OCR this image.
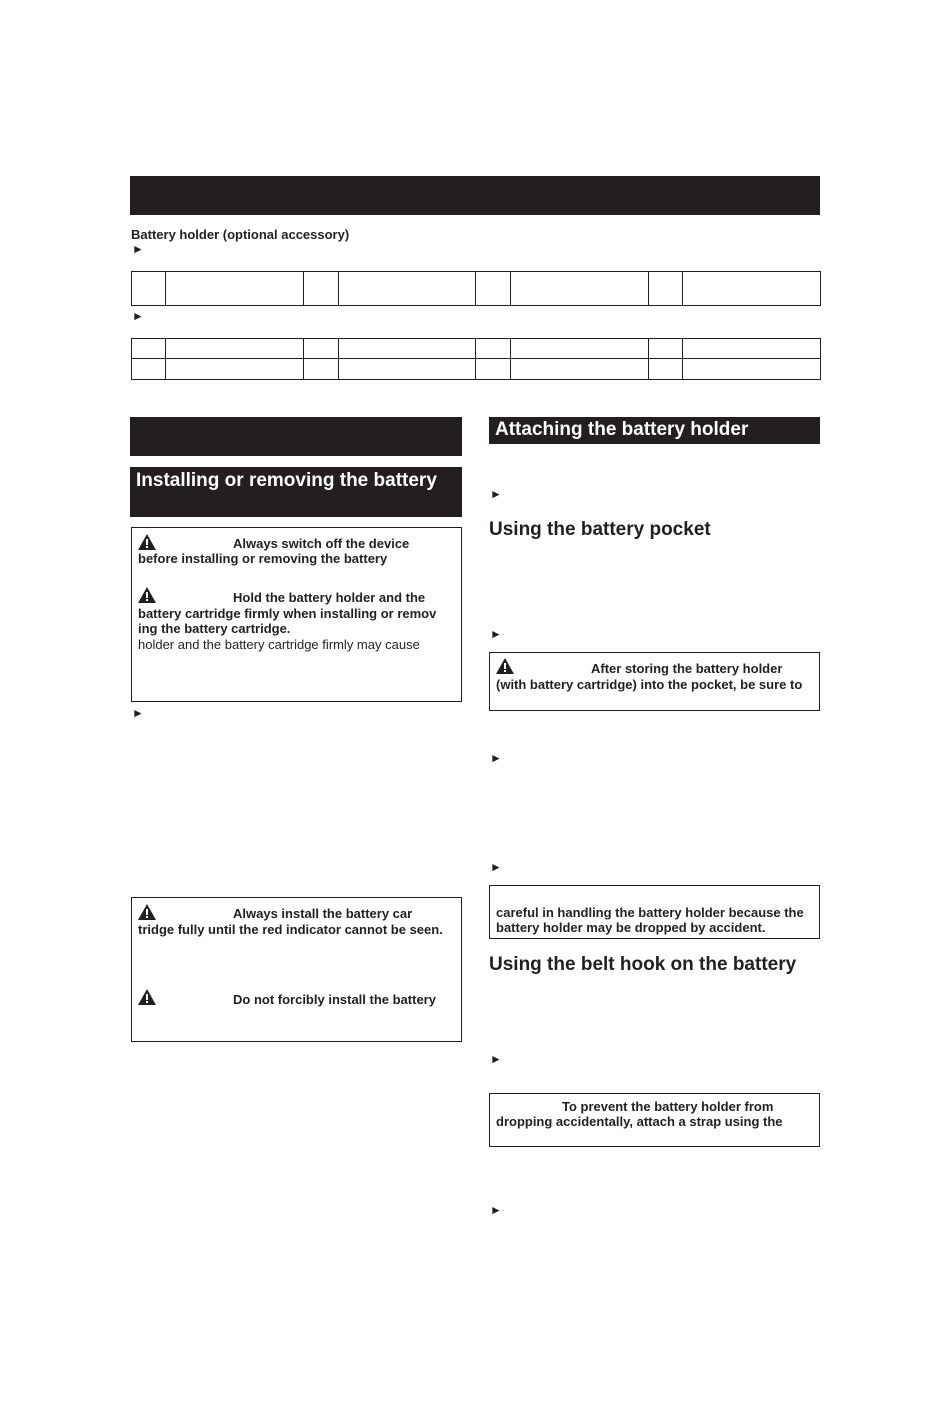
Battery holder (optional accessory)
►

►

Installing or removing the battery
Always switch off the device
before installing or removing the battery
Hold the battery holder and the
battery cartridge firmly when installing or remov
ing the battery cartridge.
holder and the battery cartridge firmly may cause
►
Always install the battery car
tridge fully until the red indicator cannot be seen.
Do not forcibly install the battery
Attaching the battery holder
►
Using the battery pocket
►
After storing the battery holder
(with battery cartridge) into the pocket, be sure to
►
►
careful in handling the battery holder because the
battery holder may be dropped by accident.
Using the belt hook on the battery
►
To prevent the battery holder from
dropping accidentally, attach a strap using the
►
